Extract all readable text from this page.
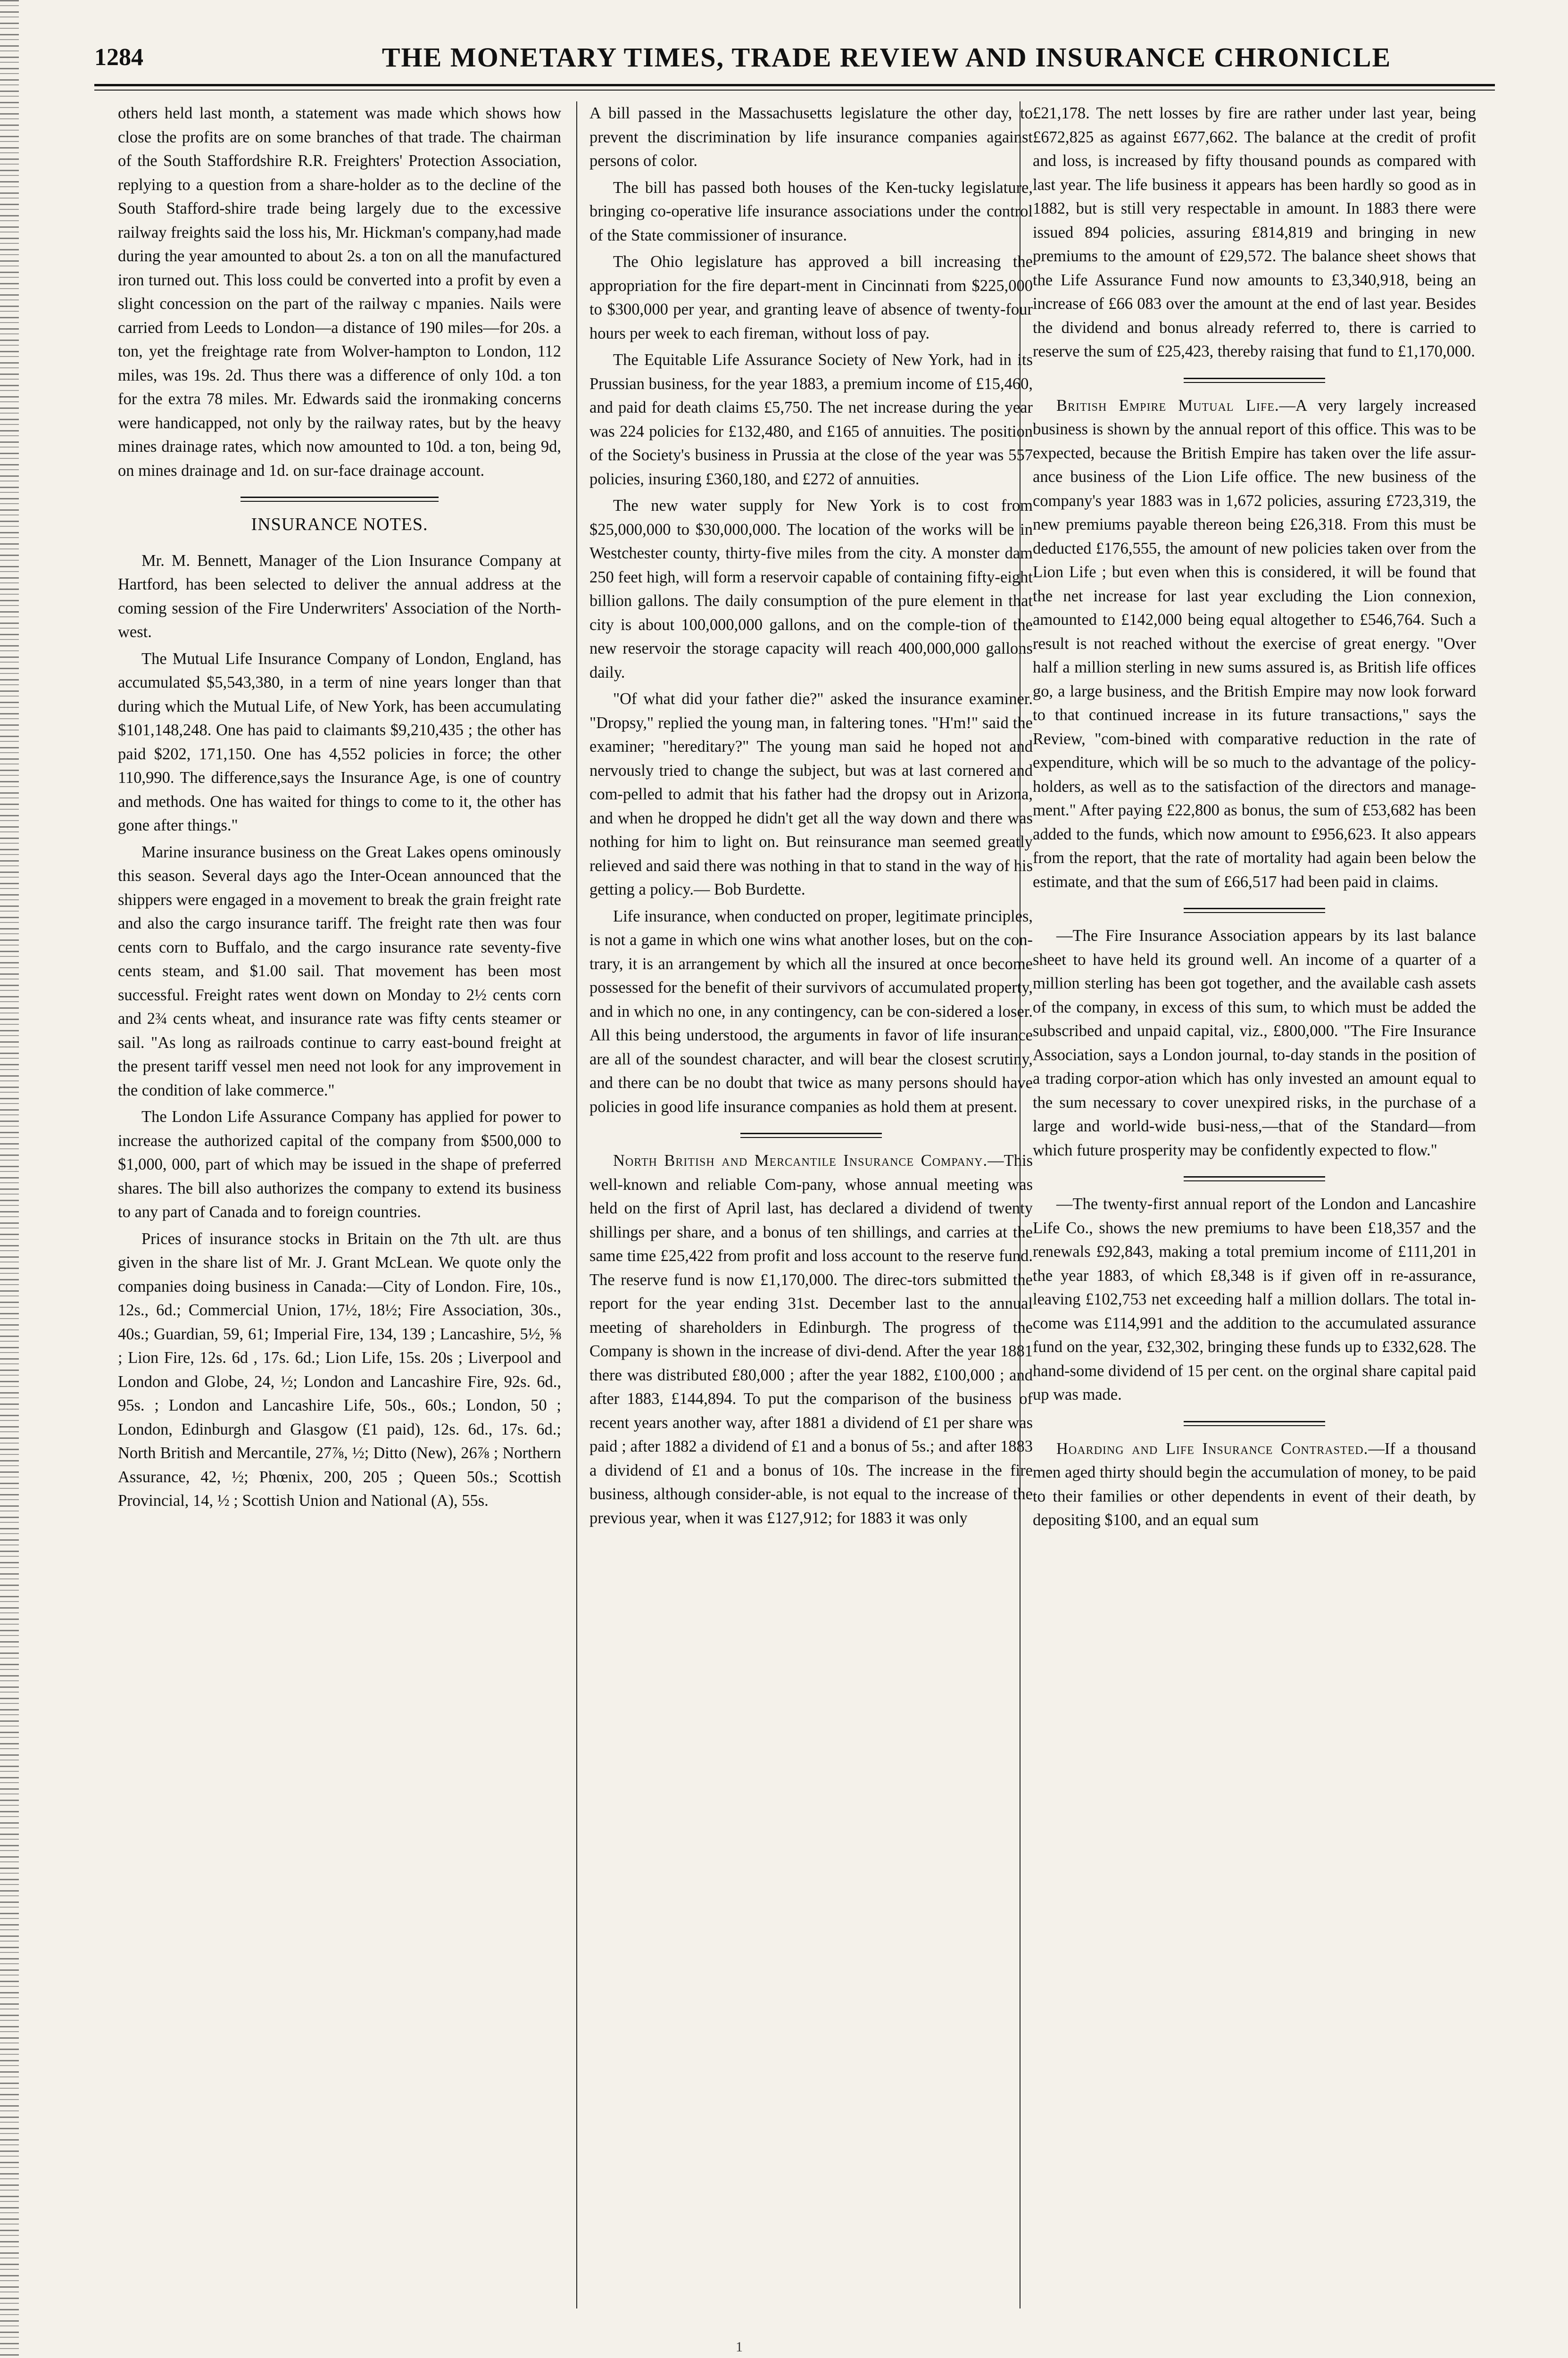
1284	THE MONETARY TIMES, TRADE REVIEW AND INSURANCE CHRONICLE

others held last month, a statement was made which shows how close the profits are on some branches of that trade. The chairman of the South Staffordshire R.R. Freighters' Protection Association, replying to a question from a share-holder as to the decline of the South Stafford-shire trade being largely due to the excessive railway freights said the loss his, Mr. Hickman's company,had made during the year amounted to about 2s. a ton on all the manufactured iron turned out. This loss could be converted into a profit by even a slight concession on the part of the railway c mpanies. Nails were carried from Leeds to London—a distance of 190 miles—for 20s. a ton, yet the freightage rate from Wolver-hampton to London, 112 miles, was 19s. 2d. Thus there was a difference of only 10d. a ton for the extra 78 miles. Mr. Edwards said the ironmaking concerns were handicapped, not only by the railway rates, but by the heavy mines drainage rates, which now amounted to 10d. a ton, being 9d, on mines drainage and 1d. on sur-face drainage account.

INSURANCE NOTES.

Mr. M. Bennett, Manager of the Lion Insurance Company at Hartford, has been selected to deliver the annual address at the coming session of the Fire Underwriters' Association of the North-west.

The Mutual Life Insurance Company of London, England, has accumulated $5,543,380, in a term of nine years longer than that during which the Mutual Life, of New York, has been accumulating $101,148,248. One has paid to claimants $9,210,435 ; the other has paid $202, 171,150. One has 4,552 policies in force; the other 110,990. The difference,says the Insurance Age, is one of country and methods. One has waited for things to come to it, the other has gone after things."

Marine insurance business on the Great Lakes opens ominously this season. Several days ago the Inter-Ocean announced that the shippers were engaged in a movement to break the grain freight rate and also the cargo insurance tariff. The freight rate then was four cents corn to Buffalo, and the cargo insurance rate seventy-five cents steam, and $1.00 sail. That movement has been most successful. Freight rates went down on Monday to 2½ cents corn and 2¾ cents wheat, and insurance rate was fifty cents steamer or sail. "As long as railroads continue to carry east-bound freight at the present tariff vessel men need not look for any improvement in the condition of lake commerce."

The London Life Assurance Company has applied for power to increase the authorized capital of the company from $500,000 to $1,000, 000, part of which may be issued in the shape of preferred shares. The bill also authorizes the company to extend its business to any part of Canada and to foreign countries.

Prices of insurance stocks in Britain on the 7th ult. are thus given in the share list of Mr. J. Grant McLean. We quote only the companies doing business in Canada:—City of London. Fire, 10s., 12s., 6d.; Commercial Union, 17½, 18½; Fire Association, 30s., 40s.; Guardian, 59, 61; Imperial Fire, 134, 139 ; Lancashire, 5½, ⅝ ; Lion Fire, 12s. 6d , 17s. 6d.; Lion Life, 15s. 20s ; Liverpool and London and Globe, 24, ½; London and Lancashire Fire, 92s. 6d., 95s. ; London and Lancashire Life, 50s., 60s.; London, 50 ; London, Edinburgh and Glasgow (£1 paid), 12s. 6d., 17s. 6d.; North British and Mercantile, 27⅞, ½; Ditto (New), 26⅞ ; Northern Assurance, 42, ½; Phœnix, 200, 205 ; Queen 50s.; Scottish Provincial, 14, ½ ; Scottish Union and National (A), 55s.

A bill passed in the Massachusetts legislature the other day, to prevent the discrimination by life insurance companies against persons of color.

The bill has passed both houses of the Ken-tucky legislature, bringing co-operative life insurance associations under the control of the State commissioner of insurance.

The Ohio legislature has approved a bill increasing the appropriation for the fire depart-ment in Cincinnati from $225,000 to $300,000 per year, and granting leave of absence of twenty-four hours per week to each fireman, without loss of pay.

The Equitable Life Assurance Society of New York, had in its Prussian business, for the year 1883, a premium income of £15,460, and paid for death claims £5,750. The net increase during the year was 224 policies for £132,480, and £165 of annuities. The position of the Society's business in Prussia at the close of the year was 557 policies, insuring £360,180, and £272 of annuities.

The new water supply for New York is to cost from $25,000,000 to $30,000,000. The location of the works will be in Westchester county, thirty-five miles from the city. A monster dam 250 feet high, will form a reservoir capable of containing fifty-eight billion gallons. The daily consumption of the pure element in that city is about 100,000,000 gallons, and on the comple-tion of the new reservoir the storage capacity will reach 400,000,000 gallons daily.

"Of what did your father die?" asked the insurance examiner. "Dropsy," replied the young man, in faltering tones. "H'm!" said the examiner; "hereditary?" The young man said he hoped not and nervously tried to change the subject, but was at last cornered and com-pelled to admit that his father had the dropsy out in Arizona, and when he dropped he didn't get all the way down and there was nothing for him to light on. But reinsurance man seemed greatly relieved and said there was nothing in that to stand in the way of his getting a policy.— Bob Burdette.

Life insurance, when conducted on proper, legitimate principles, is not a game in which one wins what another loses, but on the con-trary, it is an arrangement by which all the insured at once become possessed for the benefit of their survivors of accumulated property, and in which no one, in any contingency, can be con-sidered a loser. All this being understood, the arguments in favor of life insurance are all of the soundest character, and will bear the closest scrutiny, and there can be no doubt that twice as many persons should have policies in good life insurance companies as hold them at present.

North British and Mercantile Insurance Company.—This well-known and reliable Com-pany, whose annual meeting was held on the first of April last, has declared a dividend of twenty shillings per share, and a bonus of ten shillings, and carries at the same time £25,422 from profit and loss account to the reserve fund. The reserve fund is now £1,170,000. The direc-tors submitted the report for the year ending 31st. December last to the annual meeting of shareholders in Edinburgh. The progress of the Company is shown in the increase of divi-dend. After the year 1881 there was distributed £80,000 ; after the year 1882, £100,000 ; and after 1883, £144,894. To put the comparison of the business of recent years another way, after 1881 a dividend of £1 per share was paid ; after 1882 a dividend of £1 and a bonus of 5s.; and after 1883 a dividend of £1 and a bonus of 10s. The increase in the fire business, although consider-able, is not equal to the increase of the previous year, when it was £127,912; for 1883 it was only

£21,178. The nett losses by fire are rather under last year, being £672,825 as against £677,662. The balance at the credit of profit and loss, is increased by fifty thousand pounds as compared with last year. The life business it appears has been hardly so good as in 1882, but is still very respectable in amount. In 1883 there were issued 894 policies, assuring £814,819 and bringing in new premiums to the amount of £29,572. The balance sheet shows that the Life Assurance Fund now amounts to £3,340,918, being an increase of £66 083 over the amount at the end of last year. Besides the dividend and bonus already referred to, there is carried to reserve the sum of £25,423, thereby raising that fund to £1,170,000.

British Empire Mutual Life.—A very largely increased business is shown by the annual report of this office. This was to be expected, because the British Empire has taken over the life assur-ance business of the Lion Life office. The new business of the company's year 1883 was in 1,672 policies, assuring £723,319, the new premiums payable thereon being £26,318. From this must be deducted £176,555, the amount of new policies taken over from the Lion Life ; but even when this is considered, it will be found that the net increase for last year excluding the Lion connexion, amounted to £142,000 being equal altogether to £546,764. Such a result is not reached without the exercise of great energy. "Over half a million sterling in new sums assured is, as British life offices go, a large business, and the British Empire may now look forward to that continued increase in its future transactions," says the Review, "com-bined with comparative reduction in the rate of expenditure, which will be so much to the advantage of the policy-holders, as well as to the satisfaction of the directors and manage-ment." After paying £22,800 as bonus, the sum of £53,682 has been added to the funds, which now amount to £956,623. It also appears from the report, that the rate of mortality had again been below the estimate, and that the sum of £66,517 had been paid in claims.

—The Fire Insurance Association appears by its last balance sheet to have held its ground well. An income of a quarter of a million sterling has been got together, and the available cash assets of the company, in excess of this sum, to which must be added the subscribed and unpaid capital, viz., £800,000. "The Fire Insurance Association, says a London journal, to-day stands in the position of a trading corpor-ation which has only invested an amount equal to the sum necessary to cover unexpired risks, in the purchase of a large and world-wide busi-ness,—that of the Standard—from which future prosperity may be confidently expected to flow."

—The twenty-first annual report of the London and Lancashire Life Co., shows the new premiums to have been £18,357 and the renewals £92,843, making a total premium income of £111,201 in the year 1883, of which £8,348 is if given off in re-assurance, leaving £102,753 net exceeding half a million dollars. The total in-come was £114,991 and the addition to the accumulated assurance fund on the year, £32,302, bringing these funds up to £332,628. The hand-some dividend of 15 per cent. on the orginal share capital paid up was made.

Hoarding and Life Insurance Contrasted.—If a thousand men aged thirty should begin the accumulation of money, to be paid to their families or other dependents in event of their death, by depositing $100, and an equal sum

1
